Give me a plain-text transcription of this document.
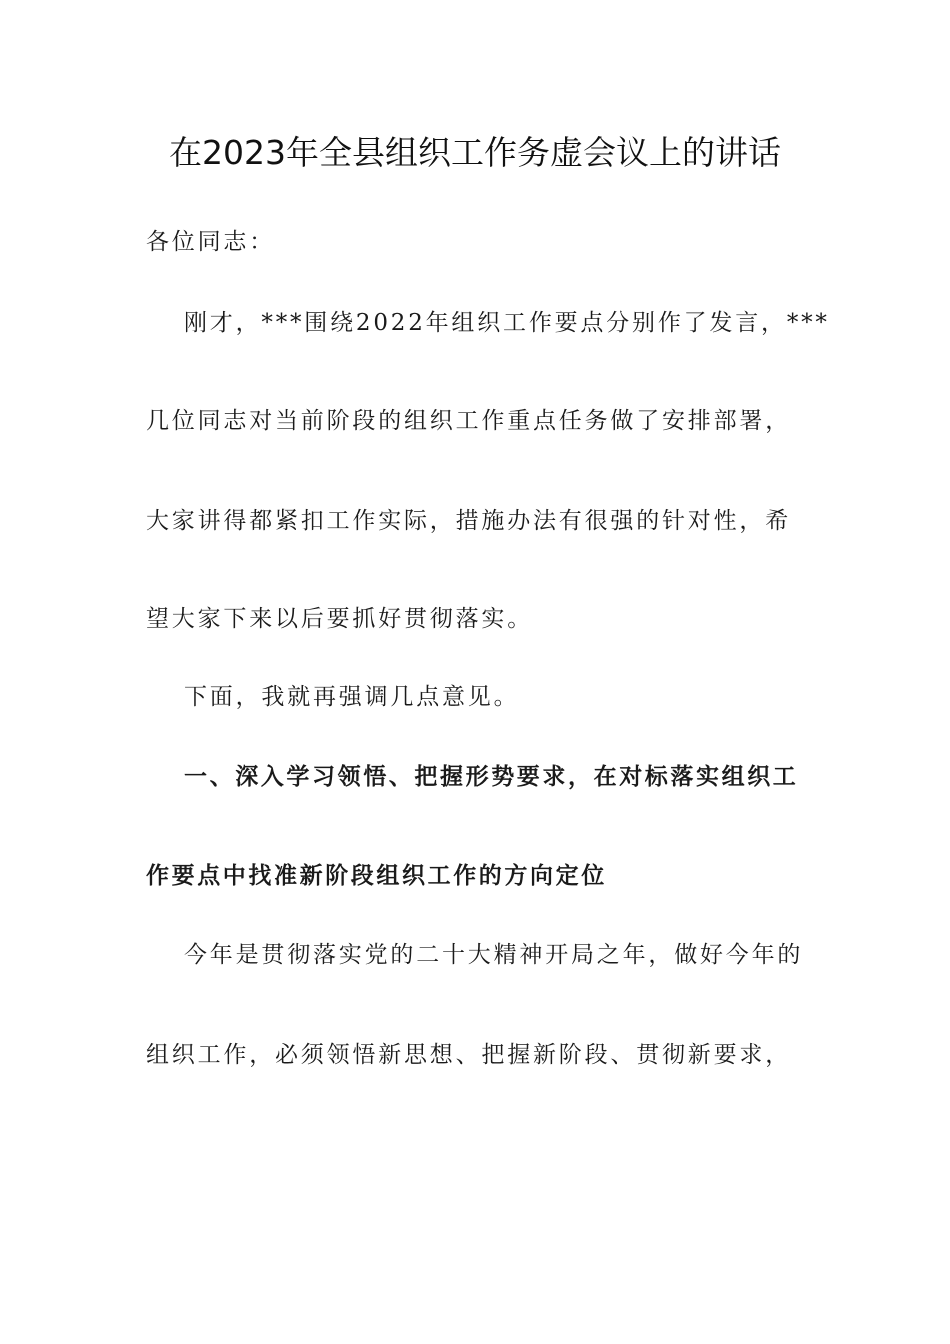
在2023年全县组织工作务虚会议上的讲话
各位同志：
刚才，***围绕2022年组织工作要点分别作了发言，***
几位同志对当前阶段的组织工作重点任务做了安排部署，
大家讲得都紧扣工作实际，措施办法有很强的针对性，希
望大家下来以后要抓好贯彻落实。
下面，我就再强调几点意见。
一、深入学习领悟、把握形势要求，在对标落实组织工
作要点中找准新阶段组织工作的方向定位
今年是贯彻落实党的二十大精神开局之年，做好今年的
组织工作，必须领悟新思想、把握新阶段、贯彻新要求，
